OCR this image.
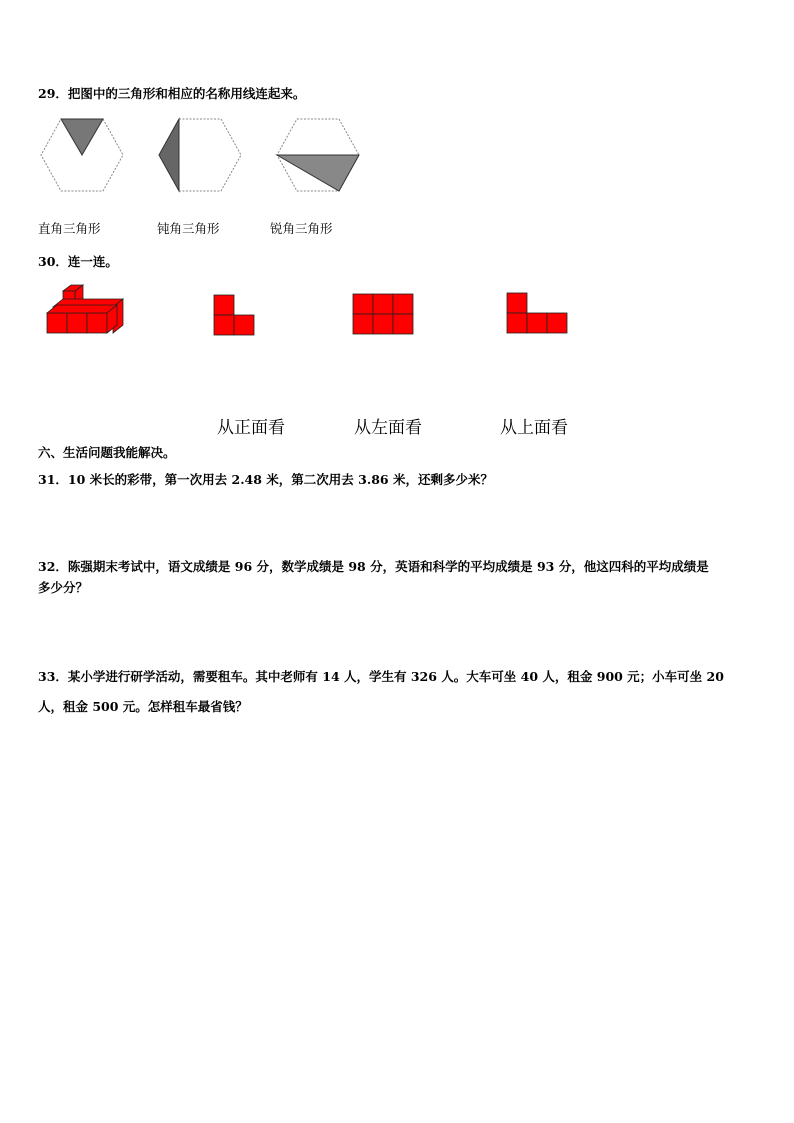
29．把图中的三角形和相应的名称用线连起来。
直角三角形	钝角三角形	锐角三角形
30．连一连。
从正面看	从左面看	从上面看
六、生活问题我能解决。
31．10 米长的彩带，第一次用去 2.48 米，第二次用去 3.86 米，还剩多少米？
32．陈强期末考试中，语文成绩是 96 分，数学成绩是 98 分，英语和科学的平均成绩是 93 分，他这四科的平均成绩是
多少分？
33．某小学进行研学活动，需要租车。其中老师有 14 人，学生有 326 人。大车可坐 40 人，租金 900 元；小车可坐 20
人，租金 500 元。怎样租车最省钱？
